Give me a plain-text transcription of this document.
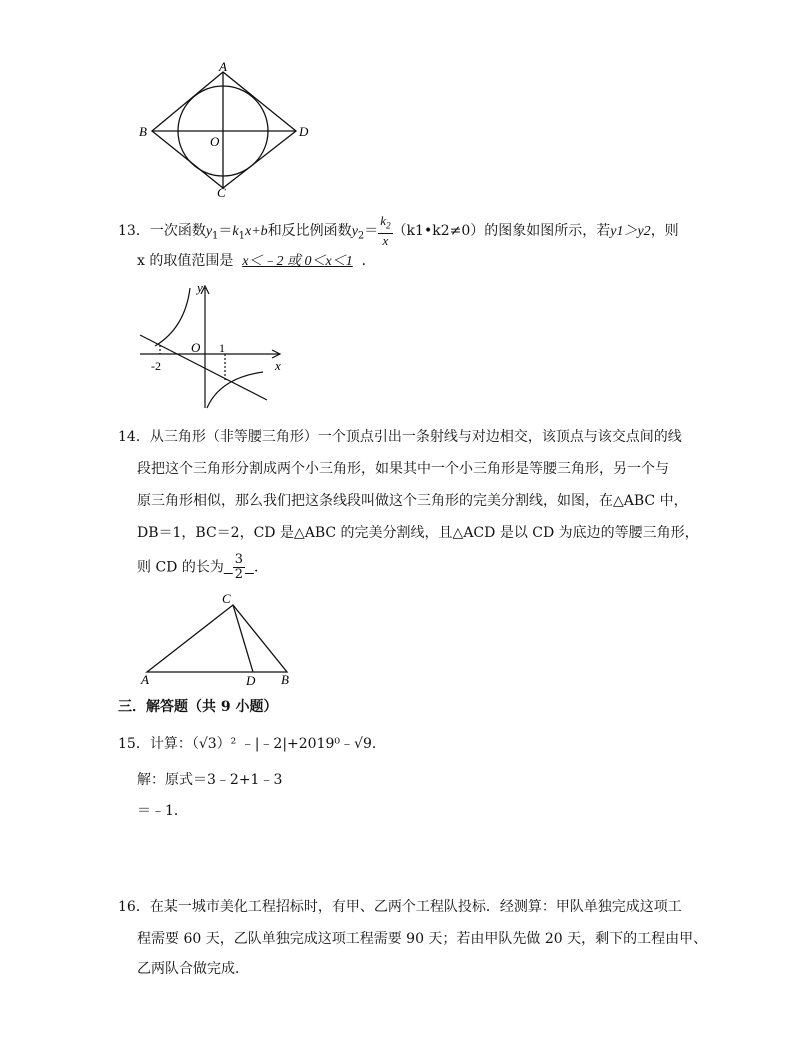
A
B
C
D
O
13．一次函数$y_1=k_1x+b$和反比例函数$y_2= \frac{k_2}{x}$ （k1•k2≠0）的图象如图所示，若y1＞y2，则
x 的取值范围是 x＜﹣2 或 0＜x＜1 ．
y
x
O 1
-2
14．从三角形（非等腰三角形）一个顶点引出一条射线与对边相交，该顶点与该交点间的线
段把这个三角形分割成两个小三角形，如果其中一个小三角形是等腰三角形，另一个与
原三角形相似，那么我们把这条线段叫做这个三角形的完美分割线，如图，在△ABC 中，
DB＝1，BC＝2，CD 是△ABC 的完美分割线，且△ACD 是以 CD 为底边的等腰三角形，
则 CD 的长为 $\frac{3}{2}$ ．
C
A	D B
三．解答题（共 9 小题）
15．计算：（√3）² ﹣|﹣2|+2019⁰﹣√9．
解：原式＝3﹣2+1﹣3
＝﹣1．
16．在某一城市美化工程招标时，有甲、乙两个工程队投标．经测算：甲队单独完成这项工
程需要 60 天，乙队单独完成这项工程需要 90 天；若由甲队先做 20 天，剩下的工程由甲、
乙两队合做完成．
